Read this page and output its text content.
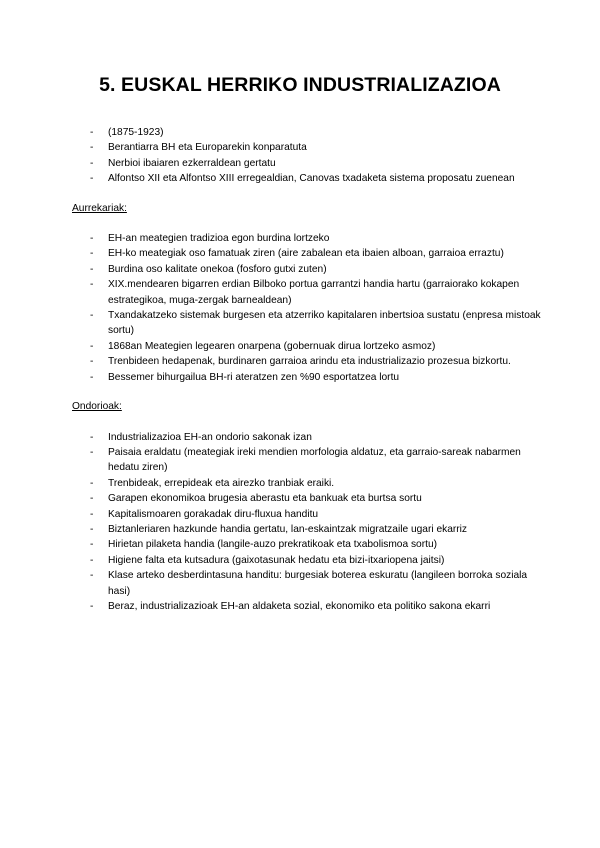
5. EUSKAL HERRIKO INDUSTRIALIZAZIOA
- (1875-1923)
- Berantiarra BH eta Europarekin konparatuta
- Nerbioi ibaiaren ezkerraldean gertatu
- Alfontso XII eta Alfontso XIII erregealdian, Canovas txadaketa sistema proposatu zuenean

Aurrekariak:

- EH-an meategien tradizioa egon burdina lortzeko
- EH-ko meategiak oso famatuak ziren (aire zabalean eta ibaien alboan, garraioa erraztu)
- Burdina oso kalitate onekoa (fosforo gutxi zuten)
- XIX.mendearen bigarren erdian Bilboko portua garrantzi handia hartu (garraiorako kokapen estrategikoa, muga-zergak barnealdean)
- Txandakatzeko sistemak burgesen eta atzerriko kapitalaren inbertsioa sustatu (enpresa mistoak sortu)
- 1868an Meategien legearen onarpena (gobernuak dirua lortzeko asmoz)
- Trenbideen hedapenak, burdinaren garraioa arindu eta industrializazio prozesua bizkortu.
- Bessemer bihurgailua BH-ri ateratzen zen %90 esportatzea lortu

Ondorioak:

- Industrializazioa EH-an ondorio sakonak izan
- Paisaia eraldatu (meategiak ireki mendien morfologia aldatuz, eta garraio-sareak nabarmen hedatu ziren)
- Trenbideak, errepideak eta airezko tranbiak eraiki.
- Garapen ekonomikoa brugesia aberastu eta bankuak eta burtsa sortu
- Kapitalismoaren gorakadak diru-fluxua handitu
- Biztanleriaren hazkunde handia gertatu, lan-eskaintzak migratzaile ugari ekarriz
- Hirietan pilaketa handia (langile-auzo prekratikoak eta txabolismoa sortu)
- Higiene falta eta kutsadura (gaixotasunak hedatu eta bizi-itxariopena jaitsi)
- Klase arteko desberdintasuna handitu: burgesiak boterea eskuratu (langileen borroka soziala hasi)
- Beraz, industrializazioak EH-an aldaketa sozial, ekonomiko eta politiko sakona ekarri
